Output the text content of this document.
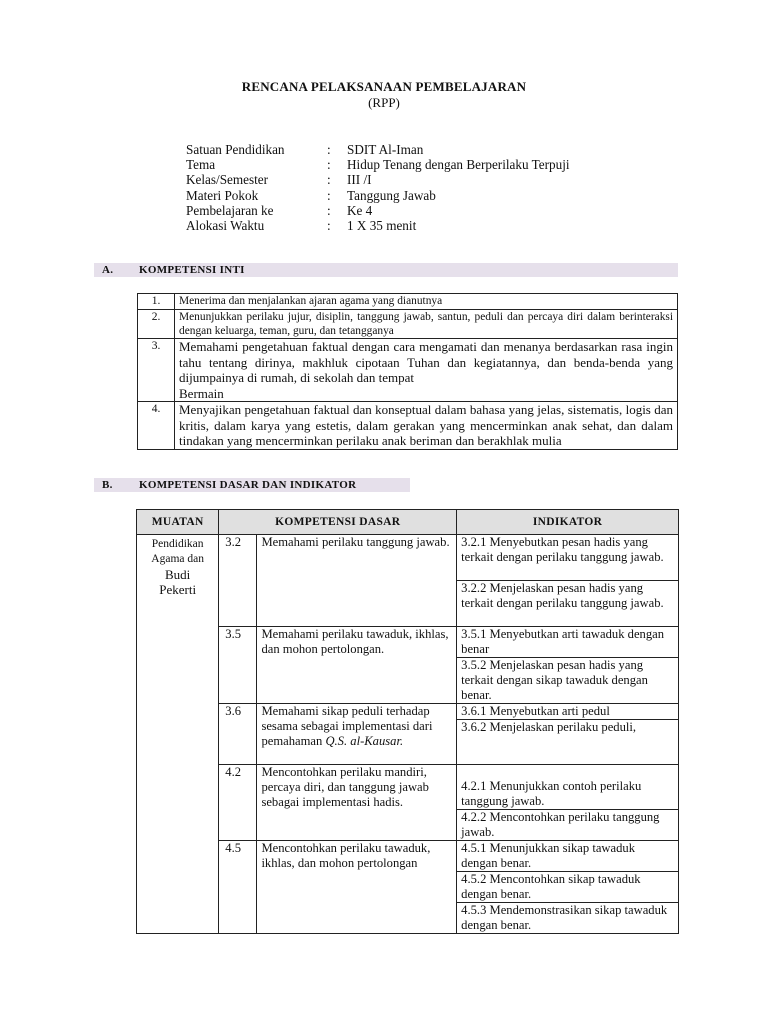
RENCANA PELAKSANAAN PEMBELAJARAN
(RPP)
Satuan Pendidikan	:	SDIT Al-Iman
Tema	:	Hidup Tenang dengan Berperilaku Terpuji
Kelas/Semester	:	III /I
Materi Pokok	:	Tanggung Jawab
Pembelajaran ke	:	Ke 4
Alokasi Waktu	:	1 X 35 menit
A. KOMPETENSI INTI
1.	Menerima dan menjalankan ajaran agama yang dianutnya
2.	Menunjukkan perilaku jujur, disiplin, tanggung jawab, santun, peduli dan percaya diri dalam berinteraksi dengan keluarga, teman, guru, dan tetangganya
3.	Memahami pengetahuan faktual dengan cara mengamati dan menanya berdasarkan rasa ingin tahu tentang dirinya, makhluk cipotaan Tuhan dan kegiatannya, dan benda-benda yang dijumpainya di rumah, di sekolah dan tempat
Bermain

4.	Menyajikan pengetahuan faktual dan konseptual dalam bahasa yang jelas, sistematis, logis dan kritis, dalam karya yang estetis, dalam gerakan yang mencerminkan anak sehat, dan dalam tindakan yang mencerminkan perilaku anak beriman dan berakhlak mulia
B. KOMPETENSI DASAR DAN INDIKATOR
MUATAN	KOMPETENSI DASAR		INDIKATOR

Pendidikan
Agama dan
Budi
Pekerti	3.2	Memahami perilaku tanggung jawab.	3.2.1 Menyebutkan pesan hadis yang terkait dengan perilaku tanggung jawab.
			3.2.2 Menjelaskan pesan hadis yang terkait dengan perilaku tanggung jawab.
	3.5	Memahami perilaku tawaduk, ikhlas, dan mohon pertolongan.	3.5.1 Menyebutkan arti tawaduk dengan benar
			3.5.2 Menjelaskan pesan hadis yang terkait dengan sikap tawaduk dengan benar.
	3.6	Memahami sikap peduli terhadap sesama sebagai implementasi dari pemahaman Q.S. al-Kausar.	3.6.1 Menyebutkan arti pedul
			3.6.2 Menjelaskan perilaku peduli,
	4.2	Mencontohkan perilaku mandiri, percaya diri, dan tanggung jawab sebagai implementasi hadis.	4.2.1 Menunjukkan contoh perilaku tanggung jawab.
			4.2.2 Mencontohkan perilaku tanggung jawab.
	4.5	Mencontohkan perilaku tawaduk, ikhlas, dan mohon pertolongan	4.5.1 Menunjukkan sikap tawaduk dengan benar.
			4.5.2 Mencontohkan sikap tawaduk dengan benar.
			4.5.3 Mendemonstrasikan sikap tawaduk dengan benar.
